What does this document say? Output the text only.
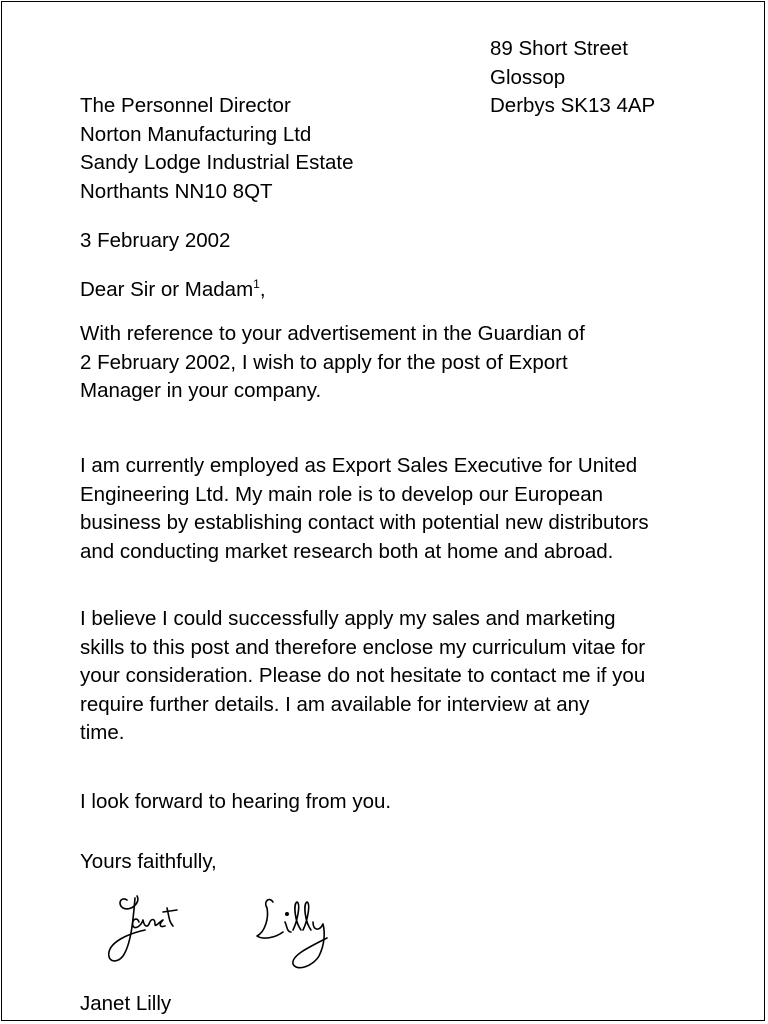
89 Short Street
Glossop
Derbys SK13 4AP
The Personnel Director
Norton Manufacturing Ltd
Sandy Lodge Industrial Estate
Northants NN10 8QT
3 February 2002
Dear Sir or Madam$^1$,
With reference to your advertisement in the Guardian of
2 February 2002, I wish to apply for the post of Export
Manager in your company.
I am currently employed as Export Sales Executive for United
Engineering Ltd. My main role is to develop our European
business by establishing contact with potential new distributors
and conducting market research both at home and abroad.
I believe I could successfully apply my sales and marketing
skills to this post and therefore enclose my curriculum vitae for
your consideration. Please do not hesitate to contact me if you
require further details. I am available for interview at any
time.
I look forward to hearing from you.
Yours faithfully,
Janet Lilly
